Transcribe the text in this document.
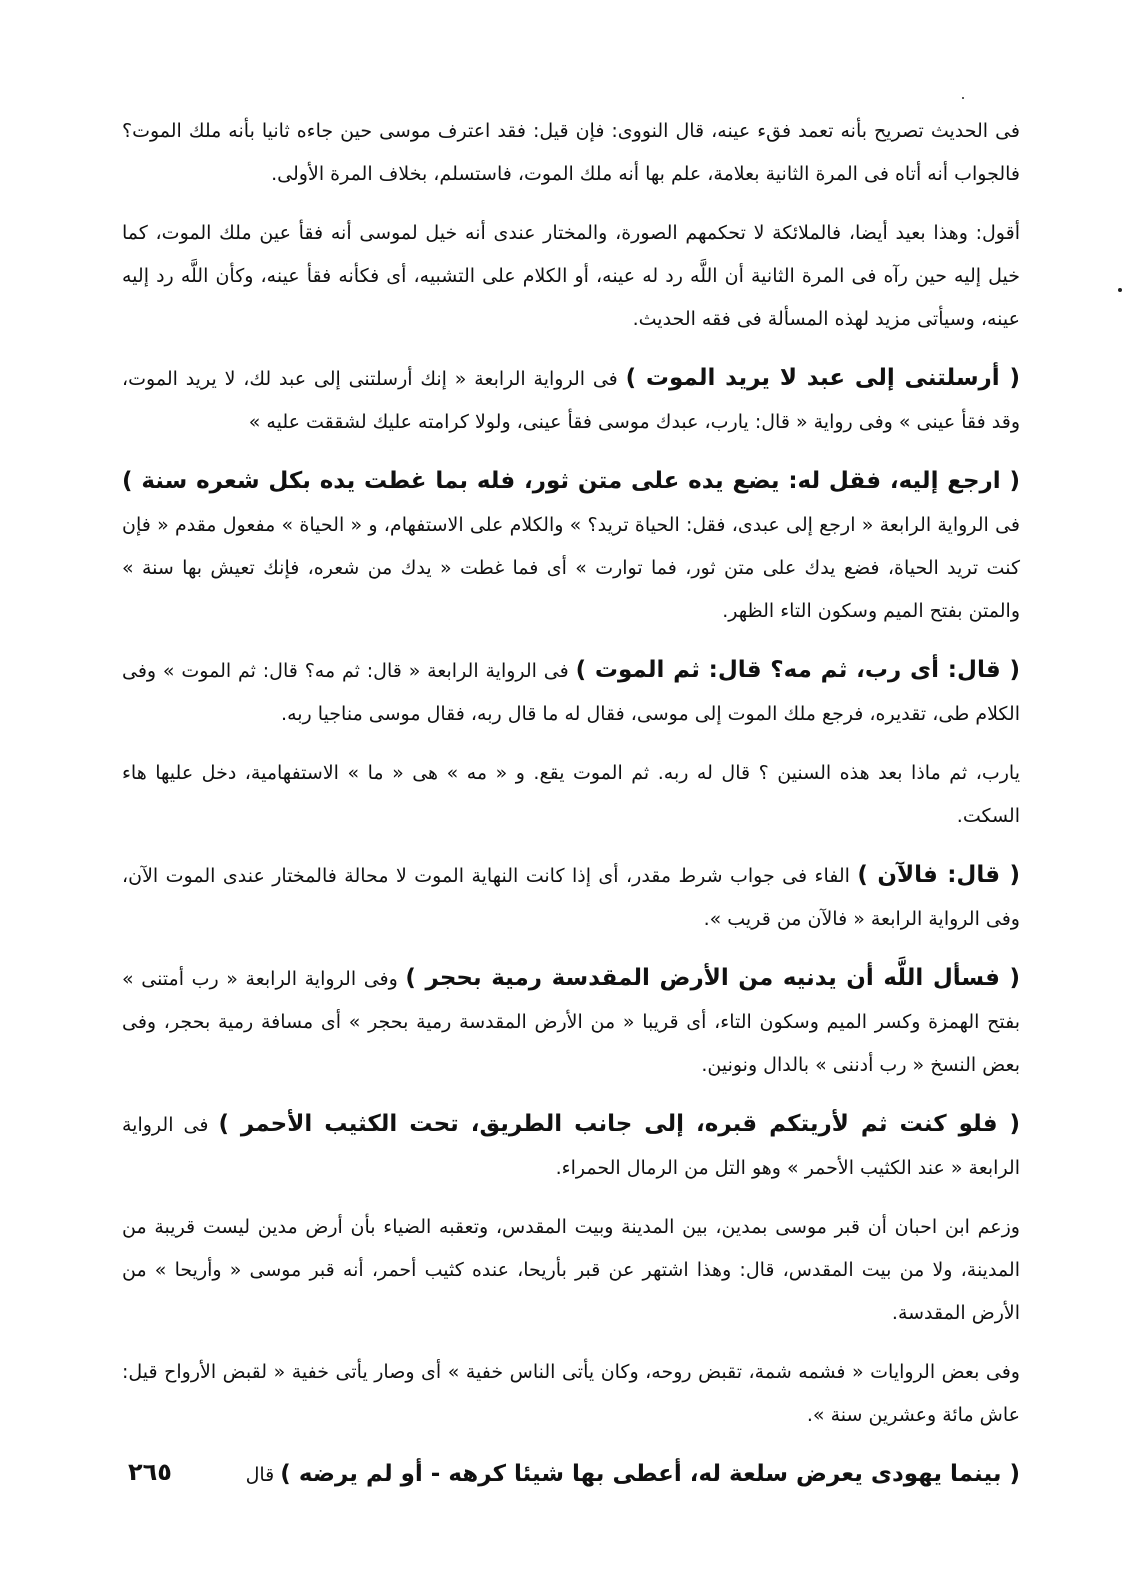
فى الحديث تصريح بأنه تعمد فقء عينه، قال النووى: فإن قيل: فقد اعترف موسى حين جاءه ثانيا بأنه ملك الموت؟ فالجواب أنه أتاه فى المرة الثانية بعلامة، علم بها أنه ملك الموت، فاستسلم، بخلاف المرة الأولى.

أقول: وهذا بعيد أيضا، فالملائكة لا تحكمهم الصورة، والمختار عندى أنه خيل لموسى أنه فقأ عين ملك الموت، كما خيل إليه حين رآه فى المرة الثانية أن اللَّه رد له عينه، أو الكلام على التشبيه، أى فكأنه فقأ عينه، وكأن اللَّه رد إليه عينه، وسيأتى مزيد لهذه المسألة فى فقه الحديث.

( أرسلتنى إلى عبد لا يريد الموت ) فى الرواية الرابعة « إنك أرسلتنى إلى عبد لك، لا يريد الموت، وقد فقأ عينى » وفى رواية « قال: يارب، عبدك موسى فقأ عينى، ولولا كرامته عليك لشققت عليه »

( ارجع إليه، فقل له: يضع يده على متن ثور، فله بما غطت يده بكل شعره سنة ) فى الرواية الرابعة « ارجع إلى عبدى، فقل: الحياة تريد؟ » والكلام على الاستفهام، و « الحياة » مفعول مقدم « فإن كنت تريد الحياة، فضع يدك على متن ثور، فما توارت » أى فما غطت « يدك من شعره، فإنك تعيش بها سنة » والمتن بفتح الميم وسكون التاء الظهر.

( قال: أى رب، ثم مه؟ قال: ثم الموت ) فى الرواية الرابعة « قال: ثم مه؟ قال: ثم الموت » وفى الكلام طى، تقديره، فرجع ملك الموت إلى موسى، فقال له ما قال ربه، فقال موسى مناجيا ربه.

يارب، ثم ماذا بعد هذه السنين ؟ قال له ربه. ثم الموت يقع. و « مه » هى « ما » الاستفهامية، دخل عليها هاء السكت.

( قال: فالآن ) الفاء فى جواب شرط مقدر، أى إذا كانت النهاية الموت لا محالة فالمختار عندى الموت الآن، وفى الرواية الرابعة « فالآن من قريب ».

( فسأل اللَّه أن يدنيه من الأرض المقدسة رمية بحجر ) وفى الرواية الرابعة « رب أمتنى » بفتح الهمزة وكسر الميم وسكون التاء، أى قريبا « من الأرض المقدسة رمية بحجر » أى مسافة رمية بحجر، وفى بعض النسخ « رب أدننى » بالدال ونونين.

( فلو كنت ثم لأريتكم قبره، إلى جانب الطريق، تحت الكثيب الأحمر ) فى الرواية الرابعة « عند الكثيب الأحمر » وهو التل من الرمال الحمراء.

وزعم ابن احبان أن قبر موسى بمدين، بين المدينة وبيت المقدس، وتعقبه الضياء بأن أرض مدين ليست قريبة من المدينة، ولا من بيت المقدس، قال: وهذا اشتهر عن قبر بأريحا، عنده كثيب أحمر، أنه قبر موسى « وأريحا » من الأرض المقدسة.

وفى بعض الروايات « فشمه شمة، تقبض روحه، وكان يأتى الناس خفية » أى وصار يأتى خفية « لقبض الأرواح قيل: عاش مائة وعشرين سنة ».

( بينما يهودى يعرض سلعة له، أعطى بها شيئا كرهه - أو لم يرضه ) قال

٢٦٥
